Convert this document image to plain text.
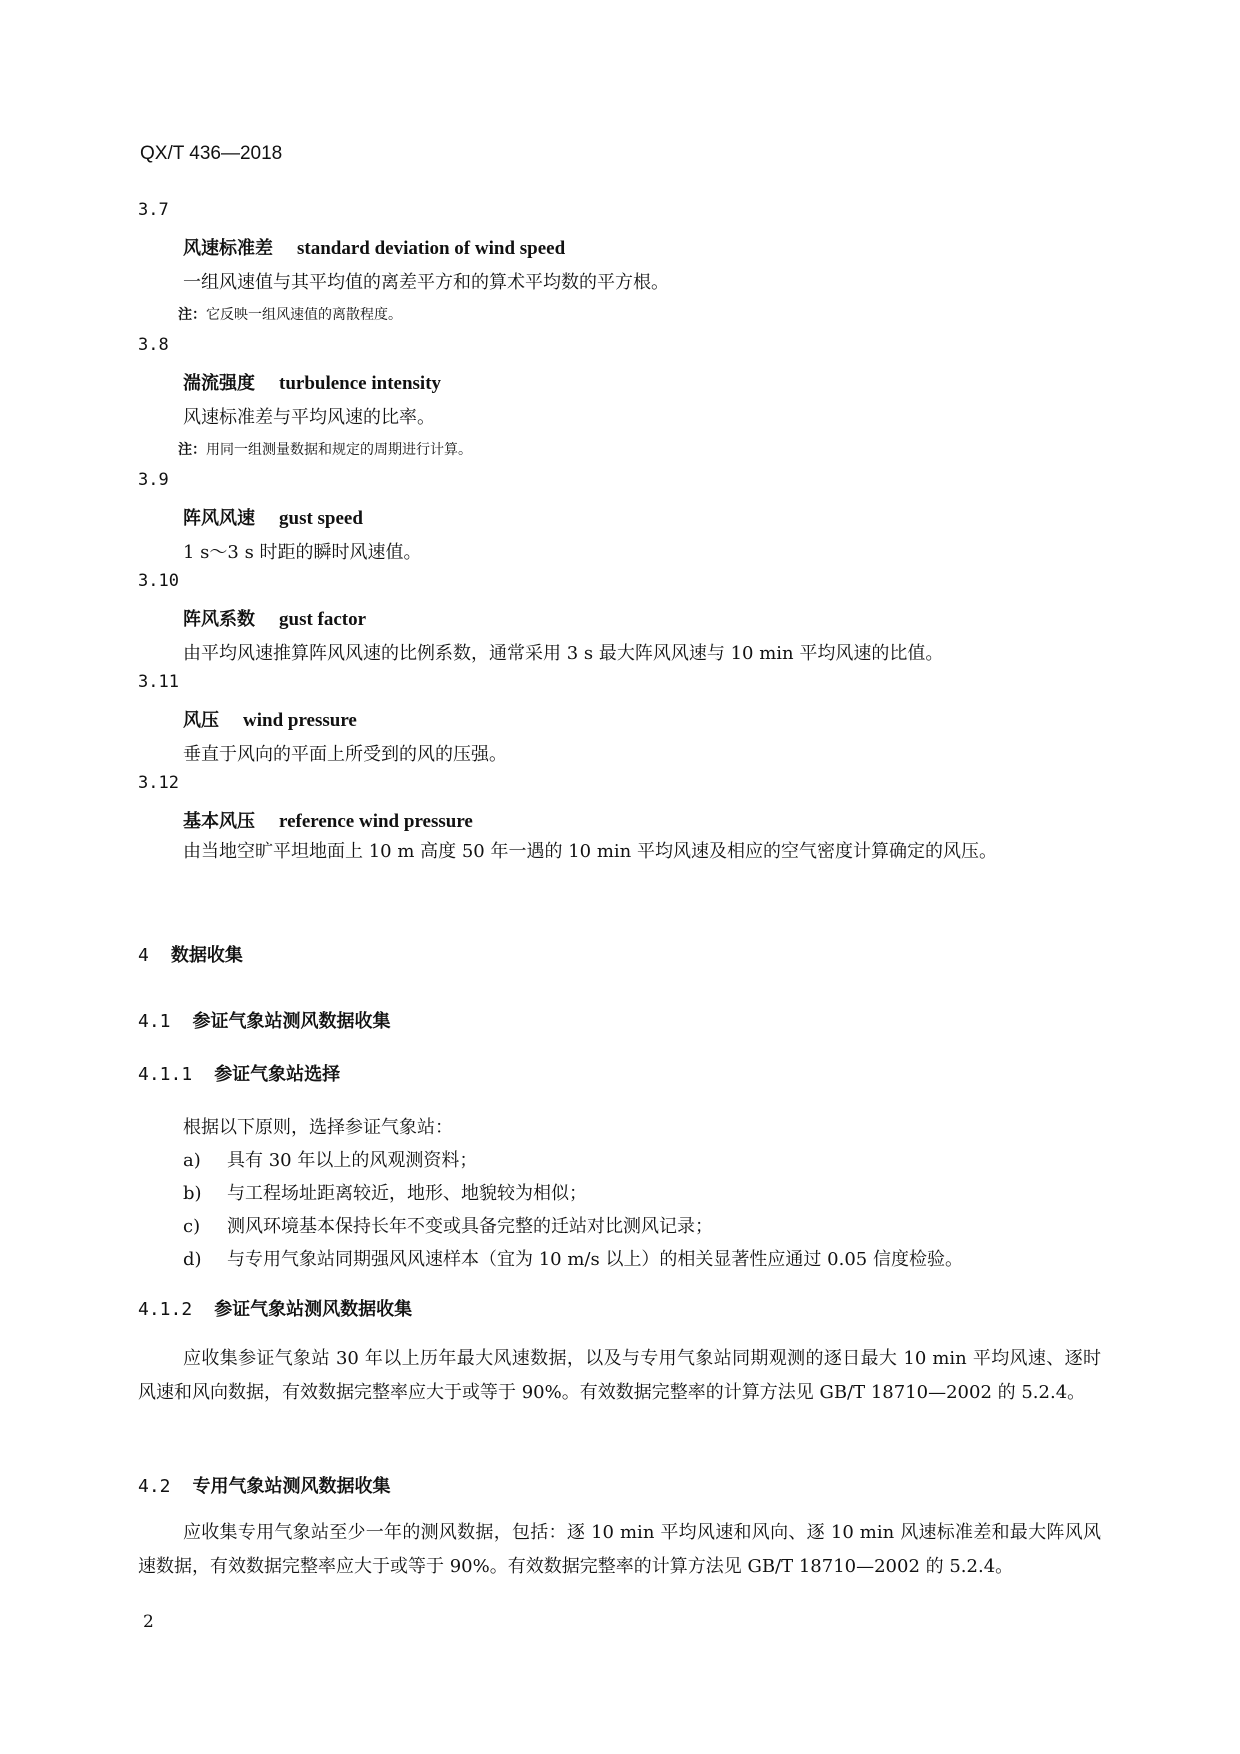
QX/T 436—2018
3.7
风速标准差 standard deviation of wind speed
一组风速值与其平均值的离差平方和的算术平均数的平方根。
注：它反映一组风速值的离散程度。
3.8
湍流强度 turbulence intensity
风速标准差与平均风速的比率。
注：用同一组测量数据和规定的周期进行计算。
3.9
阵风风速 gust speed
1 s～3 s 时距的瞬时风速值。
3.10
阵风系数 gust factor
由平均风速推算阵风风速的比例系数，通常采用 3 s 最大阵风风速与 10 min 平均风速的比值。
3.11
风压 wind pressure
垂直于风向的平面上所受到的风的压强。
3.12
基本风压 reference wind pressure
由当地空旷平坦地面上 10 m 高度 50 年一遇的 10 min 平均风速及相应的空气密度计算确定的风压。
4 数据收集
4.1 参证气象站测风数据收集
4.1.1 参证气象站选择
根据以下原则，选择参证气象站：
a) 具有 30 年以上的风观测资料；
b) 与工程场址距离较近，地形、地貌较为相似；
c) 测风环境基本保持长年不变或具备完整的迁站对比测风记录；
d) 与专用气象站同期强风风速样本（宜为 10 m/s 以上）的相关显著性应通过 0.05 信度检验。
4.1.2 参证气象站测风数据收集
应收集参证气象站 30 年以上历年最大风速数据，以及与专用气象站同期观测的逐日最大 10 min 平均风速、逐时风速和风向数据，有效数据完整率应大于或等于 90%。有效数据完整率的计算方法见 GB/T 18710—2002 的 5.2.4。
4.2 专用气象站测风数据收集
应收集专用气象站至少一年的测风数据，包括：逐 10 min 平均风速和风向、逐 10 min 风速标准差和最大阵风风速数据，有效数据完整率应大于或等于 90%。有效数据完整率的计算方法见 GB/T 18710—2002 的 5.2.4。
2
